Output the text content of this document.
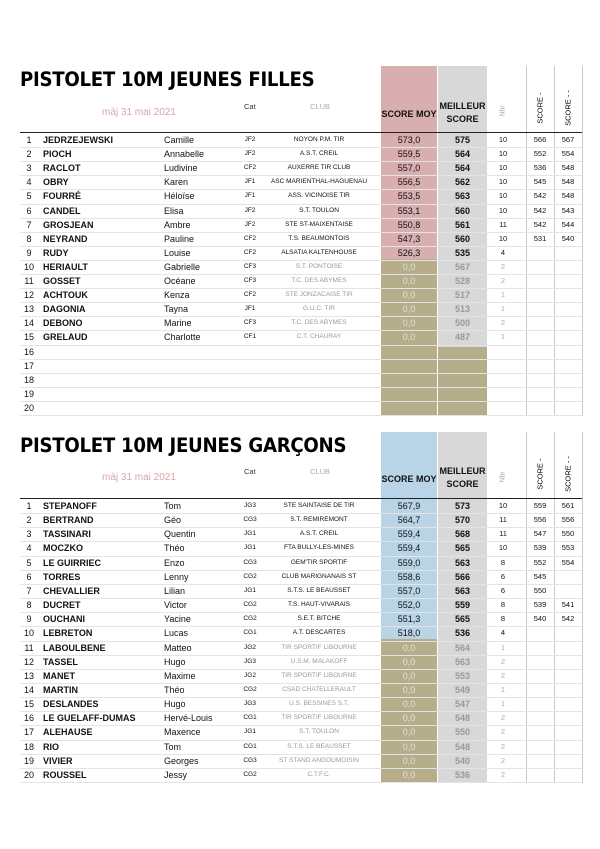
PISTOLET 10M JEUNES FILLES
màj 31 mai 2021
Cat	CLUB
SCORE MOY
MEILLEUR
SCORE
Nbr	SCORE -	SCORE - -
1	JEDRZEJEWSKI	Camille	JF2	NOYON P.M. TIR	573,0	575	10	566	567
2	PIOCH	Annabelle	JF2	A.S.T. CREIL	559,5	564	10	552	554
3	RACLOT	Ludivine	CF2	AUXERRE TIR CLUB	557,0	564	10	536	548
4	OBRY	Karen	JF1	ASC MARIENTHAL-HAGUENAU	556,5	562	10	545	548
5	FOURRÉ	Héloïse	JF1	ASS. VICINOISE TIR	553,5	563	10	542	548
6	CANDEL	Elisa	JF2	S.T. TOULON	553,1	560	10	542	543
7	GROSJEAN	Ambre	JF2	STE ST-MAIXENTAISE	550,8	561	11	542	544
8	NEYRAND	Pauline	CF2	T.S. BEAUMONTOIS	547,3	560	10	531	540
9	RUDY	Louise	CF2	ALSATIA KALTENHOUSE	526,3	535	4
10 HERIAULT	Gabrielle	CF3	S.T. PONTOISE	0,0	567	2
11 GOSSET	Océane	CF3	T.C. DES ABYMES	0,0	528	2
12 ACHTOUK	Kenza	CF2	STE JONZACAISE TIR	0,0	517	1
13 DAGONIA	Tayna	JF1	G.U.C. TIR	0,0	513	1
14 DEBONO	Marine	CF3	T.C. DES ABYMES	0,0	500	2
15 GRELAUD	Charlotte	CF1	C.T. CHAURAY	0,0	487	1
16
17
18
19
20
PISTOLET 10M JEUNES GARÇONS
màj 31 mai 2021
Cat	CLUB
SCORE MOY
MEILLEUR
SCORE
Nbr	SCORE -	SCORE - -
1	STEPANOFF	Tom	JG3	STE SAINTAISE DE TIR	567,9	573	10	559	561
2	BERTRAND	Géo	CG3	S.T. REMIREMONT	564,7	570	11	556	556
3	TASSINARI	Quentin	JG1	A.S.T. CREIL	559,4	568	11	547	550
4	MOCZKO	Théo	JG1	FTA BULLY-LES-MINES	559,4	565	10	539	553
5	LE GUIRRIEC	Enzo	CG3	GEM'TIR SPORTIF	559,0	563	8	552	554
6	TORRES	Lenny	CG2	CLUB MARIGNANAIS ST	558,6	566	6	545
7	CHEVALLIER	Lilian	JG1	S.T.S. LE BEAUSSET	557,0	563	6	550
8	DUCRET	Victor	CG2	T.S. HAUT-VIVARAIS	552,0	559	8	539	541
9	OUCHANI	Yacine	CG2	S.E.T. BITCHE	551,3	565	8	540	542
10 LEBRETON	Lucas	CG1	A.T. DESCARTES	518,0	536	4
11 LABOULBENE	Matteo	JG2	TIR SPORTIF LIBOURNE	0,0	564	1
12 TASSEL	Hugo	JG3	U.S.M. MALAKOFF	0,0	563	2
13 MANET	Maxime	JG2	TIR SPORTIF LIBOURNE	0,0	553	2
14 MARTIN	Théo	CG2	CSAD CHATELLERAULT	0,0	549	1
15 DESLANDES	Hugo	JG3	U.S. BESSINES S.T.	0,0	547	1
16 LE GUELAFF-DUMAS	Hervé-Louis	CG1	TIR SPORTIF LIBOURNE	0,0	548	2
17 ALEHAUSE	Maxence	JG1	S.T. TOULON	0,0	550	2
18 RIO	Tom	CG1	S.T.S. LE BEAUSSET	0,0	548	2
19 VIVIER	Georges	CG3	ST STAND ANGOUMOISIN	0,0	540	2
20 ROUSSEL	Jessy	CG2	C.T.F.C.	0,0	536	2
